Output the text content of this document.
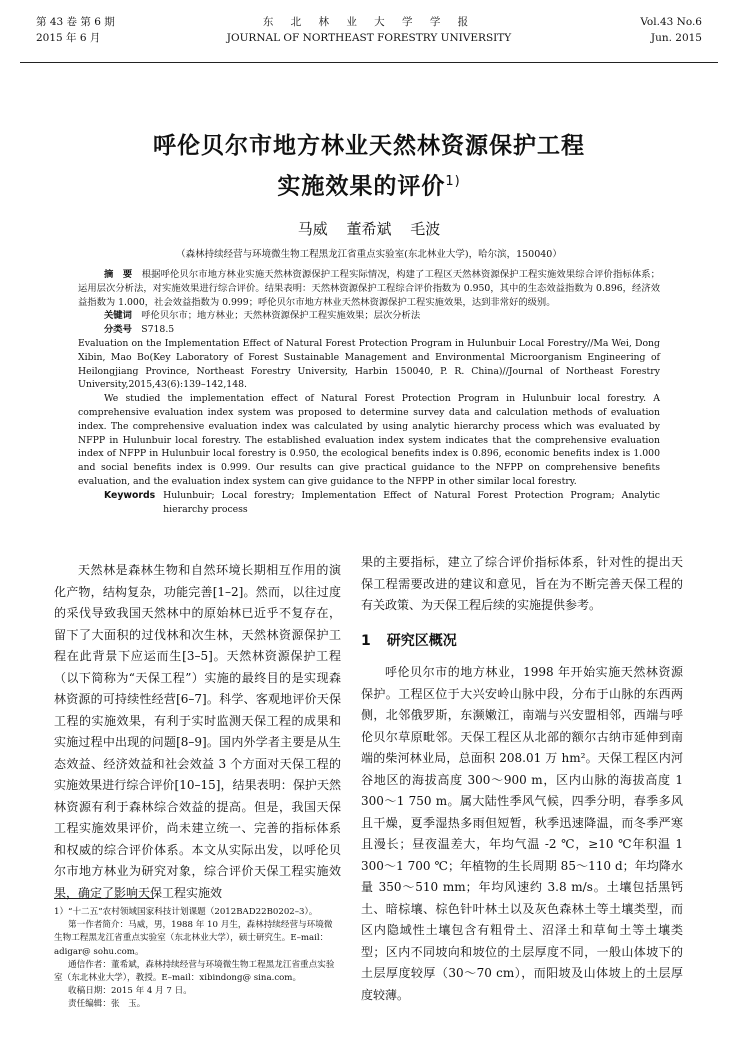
第 43 卷 第 6 期
2015 年 6 月
东 北 林 业 大 学 学 报
JOURNAL OF NORTHEAST FORESTRY UNIVERSITY
Vol.43 No.6
Jun. 2015
呼伦贝尔市地方林业天然林资源保护工程
实施效果的评价$^{1)}$
马威 董希斌 毛波
（森林持续经营与环境微生物工程黑龙江省重点实验室(东北林业大学)，哈尔滨，150040）

摘　要　 根据呼伦贝尔市地方林业实施天然林资源保护工程实际情况，构建了工程区天然林资源保护工程实施效果综合评价指标体系；运用层次分析法，对实施效果进行综合评价。结果表明：天然林资源保护工程综合评价指数为 0.950，其中的生态效益指数为 0.896，经济效益指数为 1.000，社会效益指数为 0.999；呼伦贝尔市地方林业天然林资源保护工程实施效果，达到非常好的级别。

关键词　 呼伦贝尔市；地方林业；天然林资源保护工程实施效果；层次分析法

分类号　 S718.5

Evaluation on the Implementation Effect of Natural Forest Protection Program in Hulunbuir Local Forestry//Ma Wei, Dong Xibin, Mao Bo(Key Laboratory of Forest Sustainable Management and Environmental Microorganism Engineering of Heilongjiang Province, Northeast Forestry University, Harbin 150040, P. R. China)//Journal of Northeast Forestry University,2015,43(6):139–142,148.

We studied the implementation effect of Natural Forest Protection Program in Hulunbuir local forestry. A comprehensive evaluation index system was proposed to determine survey data and calculation methods of evaluation index. The comprehensive evaluation index was calculated by using analytic hierarchy process which was evaluated by NFPP in Hulunbuir local forestry. The established evaluation index system indicates that the comprehensive evaluation index of NFPP in Hulunbuir local forestry is 0.950, the ecological benefits index is 0.896, economic benefits index is 1.000 and social benefits index is 0.999. Our results can give practical guidance to the NFPP on comprehensive benefits evaluation, and the evaluation index system can give guidance to the NFPP in other similar local forestry.

Keywords Hulunbuir; Local forestry; Implementation Effect of Natural Forest Protection Program; Analytic hierarchy process

天然林是森林生物和自然环境长期相互作用的演化产物，结构复杂，功能完善[1–2]。然而，以往过度的采伐导致我国天然林中的原始林已近乎不复存在，留下了大面积的过伐林和次生林，天然林资源保护工程在此背景下应运而生[3–5]。天然林资源保护工程（以下简称为“天保工程”）实施的最终目的是实现森林资源的可持续性经营[6–7]。科学、客观地评价天保工程的实施效果，有利于实时监测天保工程的成果和实施过程中出现的问题[8–9]。国内外学者主要是从生态效益、经济效益和社会效益 3 个方面对天保工程的实施效果进行综合评价[10–15]，结果表明：保护天然林资源有利于森林综合效益的提高。但是，我国天保工程实施效果评价，尚未建立统一、完善的指标体系和权威的综合评价体系。本文从实际出发，以呼伦贝尔市地方林业为研究对象，综合评价天保工程实施效果，确定了影响天保工程实施效

果的主要指标，建立了综合评价指标体系，针对性的提出天保工程需要改进的建议和意见，旨在为不断完善天保工程的有关政策、为天保工程后续的实施提供参考。

1 研究区概况

呼伦贝尔市的地方林业，1998 年开始实施天然林资源保护。工程区位于大兴安岭山脉中段，分布于山脉的东西两侧，北邻俄罗斯，东濒嫩江，南端与兴安盟相邻，西端与呼伦贝尔草原毗邻。天保工程区从北部的额尔古纳市延伸到南端的柴河林业局，总面积 208.01 万 hm²。天保工程区内河谷地区的海拔高度 300～900 m，区内山脉的海拔高度 1 300～1 750 m。属大陆性季风气候，四季分明，春季多风且干燥，夏季湿热多雨但短暂，秋季迅速降温，而冬季严寒且漫长；昼夜温差大，年均气温 -2 ℃，≥10 ℃年积温 1 300～1 700 ℃；年植物的生长周期 85～110 d；年均降水量 350～510 mm；年均风速约 3.8 m/s。土壤包括黑钙土、暗棕壤、棕色针叶林土以及灰色森林土等土壤类型，而区内隐域性土壤包含有粗骨土、沼泽土和草甸土等土壤类型；区内不同坡向和坡位的土层厚度不同，一般山体坡下的土层厚度较厚（30～70 cm），而阳坡及山体坡上的土层厚度较薄。

1）“十二五”农村领域国家科技计划课题（2012BAD22B0202–3）。

第一作者简介：马威，男，1988 年 10 月生，森林持续经营与环境微生物工程黑龙江省重点实验室（东北林业大学），硕士研究生。E–mail：adigar@ sohu.com。

通信作者：董希斌，森林持续经营与环境微生物工程黑龙江省重点实验室（东北林业大学），教授。E–mail：xibindong@ sina.com。

收稿日期：2015 年 4 月 7 日。

责任编辑：张　玉。
